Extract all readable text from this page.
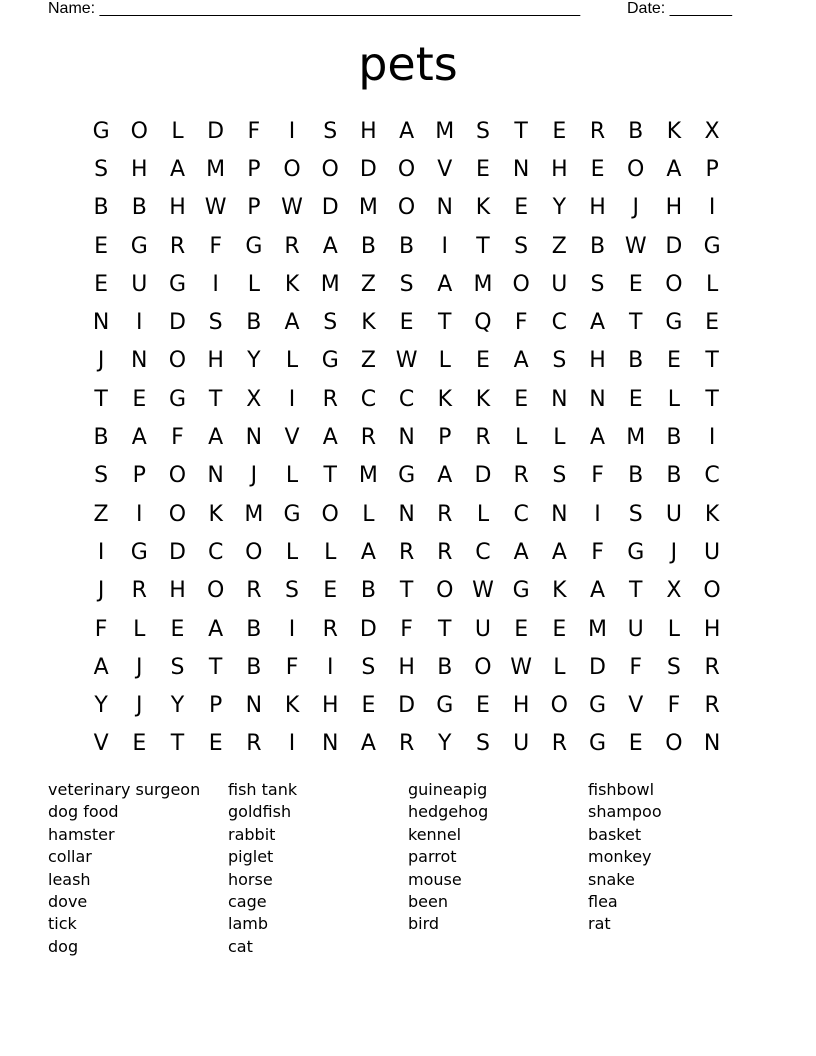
Name: ______________________________________________________

	Date: _______

pets
G O	L	D	F	I	S	H	A M S	T	E	R	B	K	X
S	H	A M	P	O O D O	V	E	N H	E	O	A	P
B	B	H W P W D M O N	K	E	Y	H	J	H	I
E	G	R	F	G	R	A	B	B	I	T	S	Z	B W D G
E	U G	I	L	K M Z	S	A M O U	S	E	O	L
N	I	D	S	B	A	S	K	E	T	Q	F	C	A	T	G	E
J	N O H	Y	L	G	Z W L	E	A	S	H	B	E	T
T	E	G	T	X	I	R	C	C	K	K	E	N N	E	L	T
B	A	F	A	N	V	A	R	N	P	R	L	L	A M B	I
S	P	O N	J	L	T M G	A	D	R	S	F	B	B	C
Z	I	O	K M G O	L	N	R	L	C	N	I	S	U	K
I	G D	C O	L	L	A	R	R	C	A	A	F	G	J	U
J	R	H O R	S	E	B	T	O W G	K	A	T	X O
F	L	E	A	B	I	R	D	F	T	U	E	E M U	L	H
A	J	S	T	B	F	I	S	H	B O W L	D	F	S	R
Y	J	Y	P	N	K	H	E	D G	E	H O G	V	F	R
V	E	T	E	R	I	N	A	R	Y	S	U	R	G	E	O N
veterinary surgeon
dog food
hamster
collar
leash
dove
tick
dog
fish tank
goldfish
rabbit
piglet
horse
cage
lamb
cat
guineapig
hedgehog
kennel
parrot
mouse
been
bird
fishbowl
shampoo
basket
monkey
snake
flea
rat
